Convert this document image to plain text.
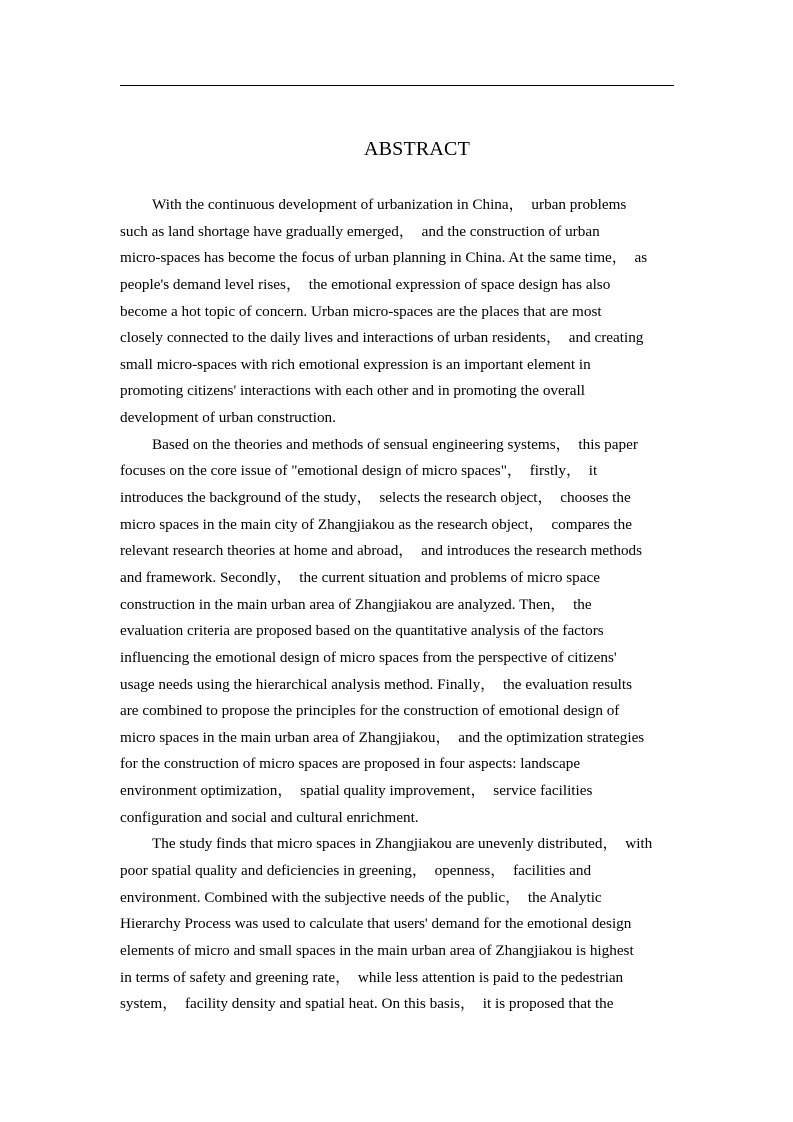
ABSTRACT
With the continuous development of urbanization in China，  urban problems
such as land shortage have gradually emerged，  and the construction of urban
micro-spaces has become the focus of urban planning in China. At the same time，  as
people's demand level rises，  the emotional expression of space design has also
become a hot topic of concern. Urban micro-spaces are the places that are most
closely connected to the daily lives and interactions of urban residents，  and creating
small micro-spaces with rich emotional expression is an important element in
promoting citizens' interactions with each other and in promoting the overall
development of urban construction.
Based on the theories and methods of sensual engineering systems，  this paper
focuses on the core issue of "emotional design of micro spaces"，  firstly，  it
introduces the background of the study，  selects the research object，  chooses the
micro spaces in the main city of Zhangjiakou as the research object，  compares the
relevant research theories at home and abroad，  and introduces the research methods
and framework. Secondly，  the current situation and problems of micro space
construction in the main urban area of Zhangjiakou are analyzed. Then，  the
evaluation criteria are proposed based on the quantitative analysis of the factors
influencing the emotional design of micro spaces from the perspective of citizens'
usage needs using the hierarchical analysis method. Finally，  the evaluation results
are combined to propose the principles for the construction of emotional design of
micro spaces in the main urban area of Zhangjiakou，  and the optimization strategies
for the construction of micro spaces are proposed in four aspects: landscape
environment optimization，  spatial quality improvement，  service facilities
configuration and social and cultural enrichment.
The study finds that micro spaces in Zhangjiakou are unevenly distributed，  with
poor spatial quality and deficiencies in greening，  openness，  facilities and
environment. Combined with the subjective needs of the public，  the Analytic
Hierarchy Process was used to calculate that users' demand for the emotional design
elements of micro and small spaces in the main urban area of Zhangjiakou is highest
in terms of safety and greening rate，  while less attention is paid to the pedestrian
system，  facility density and spatial heat. On this basis，  it is proposed that the
